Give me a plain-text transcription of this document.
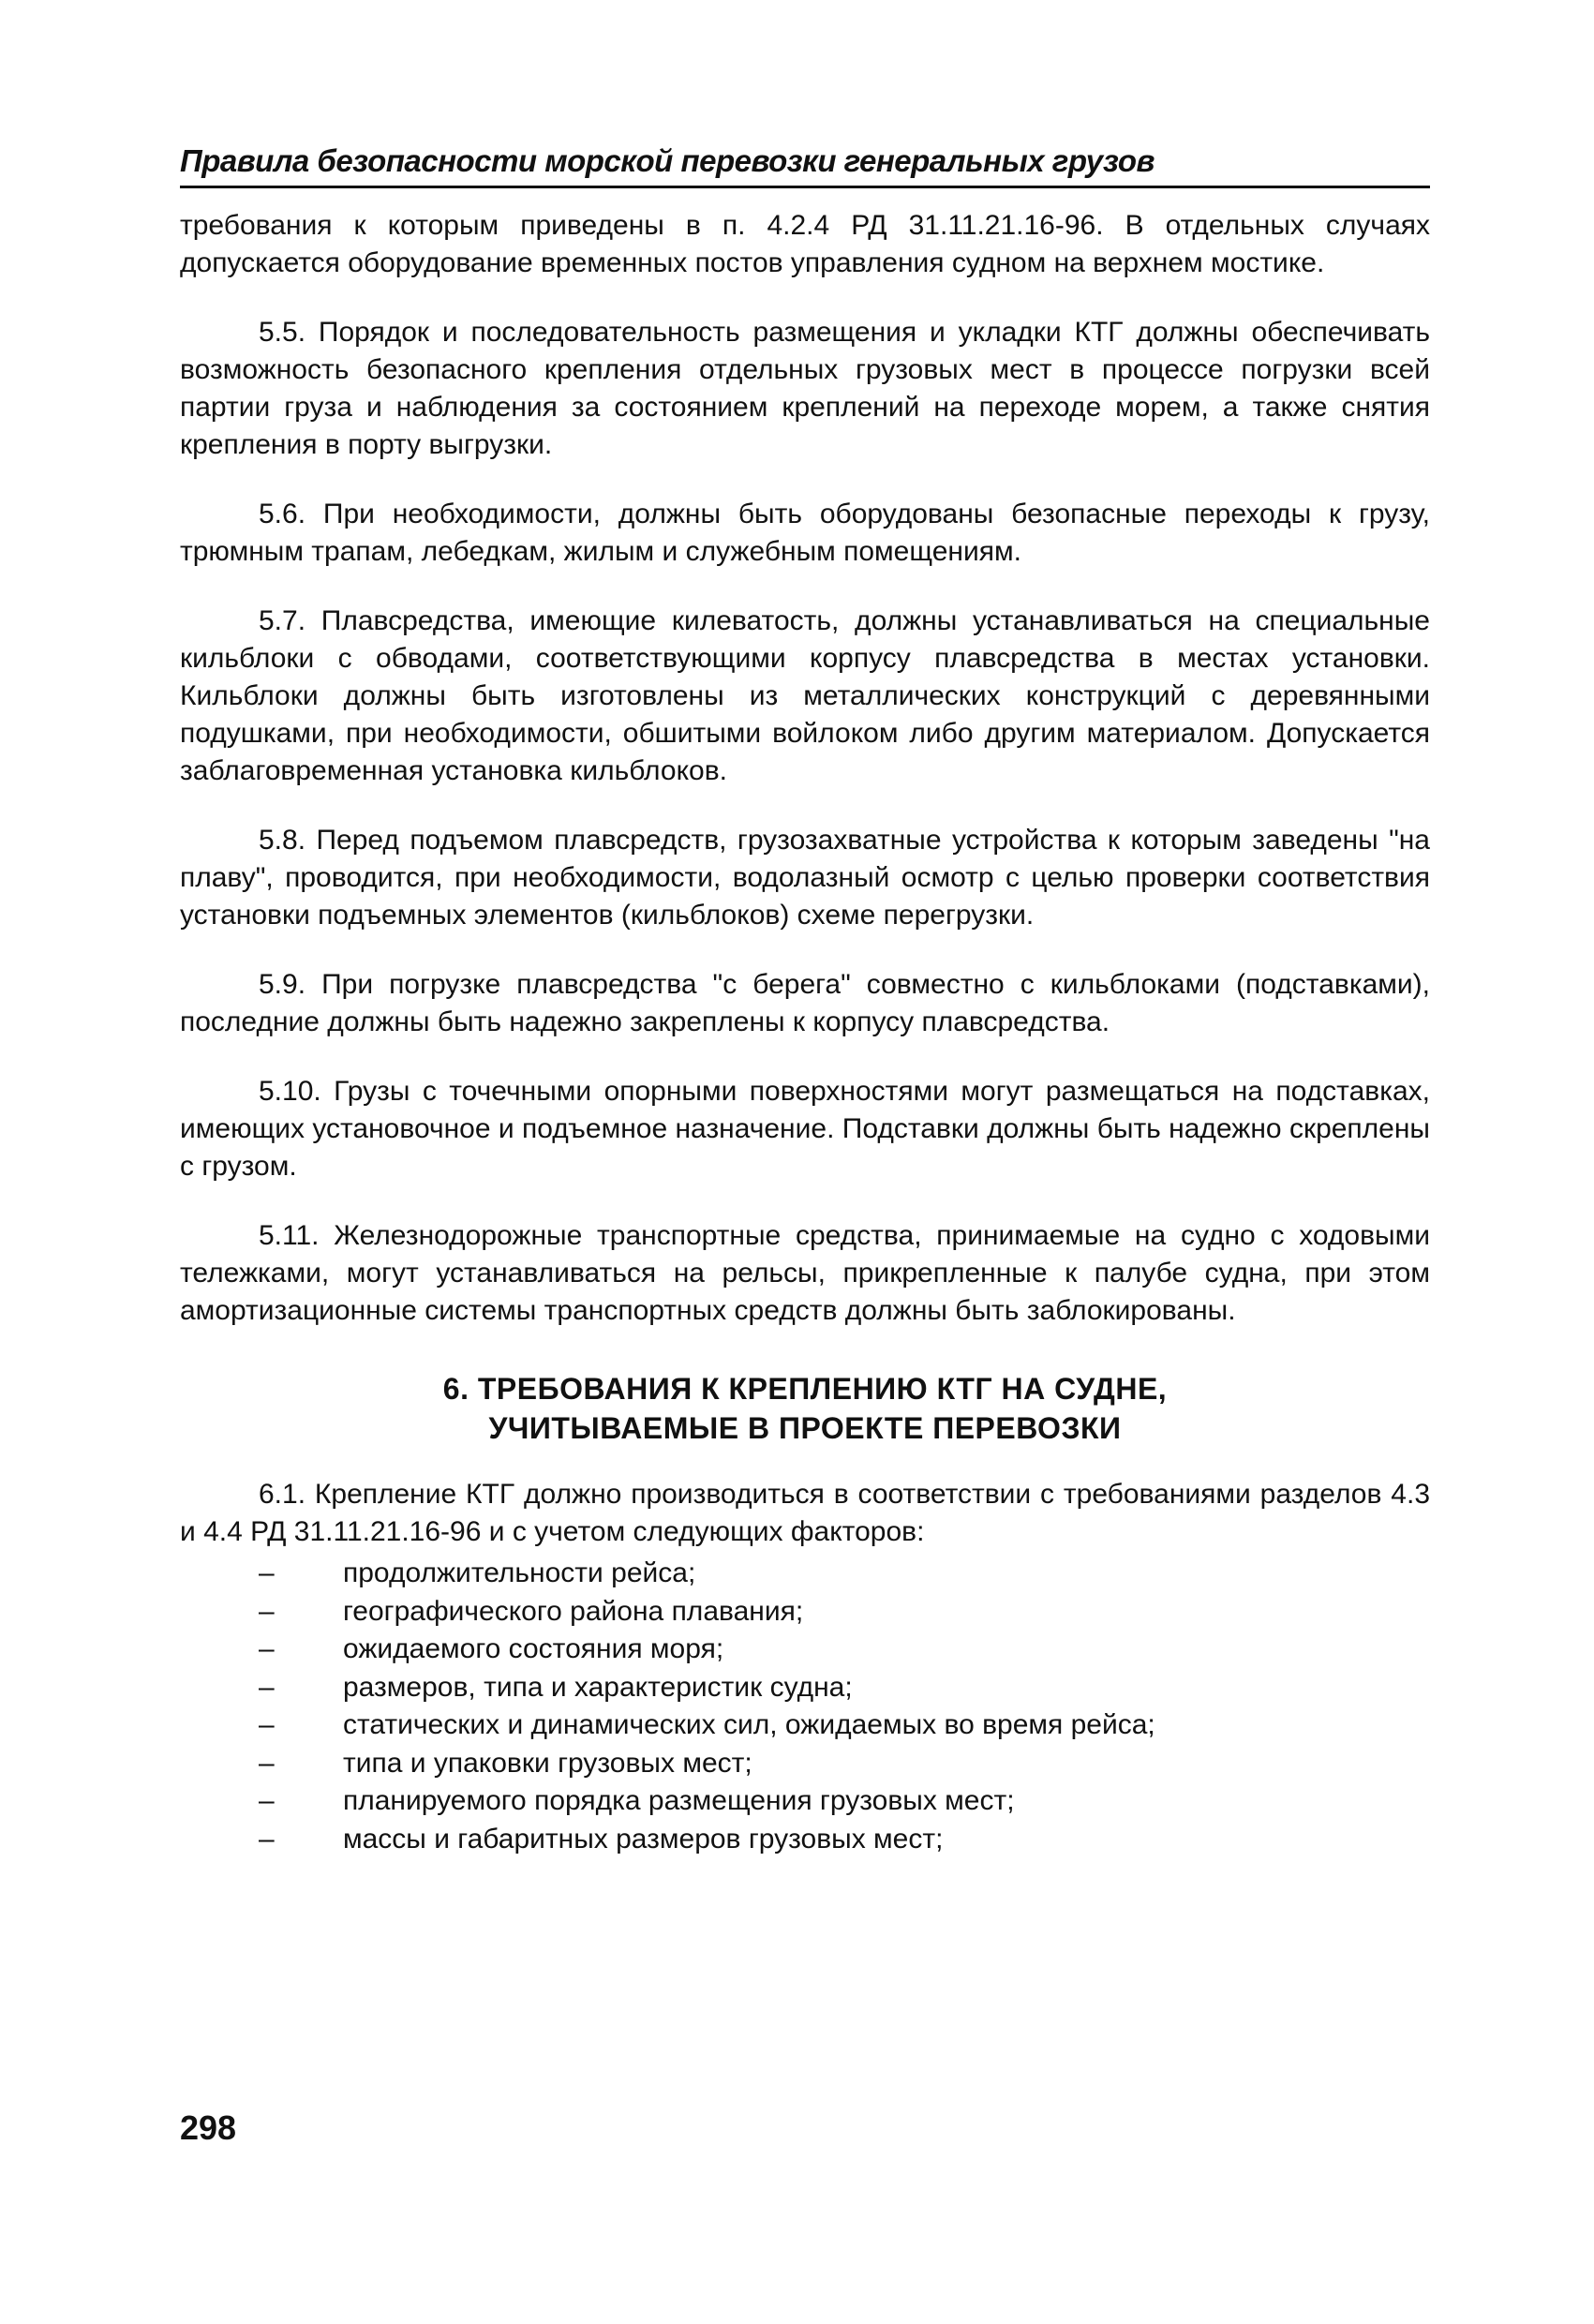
Правила безопасности морской перевозки генеральных грузов

требования к которым приведены в п. 4.2.4 РД 31.11.21.16-96. В отдельных случаях допускается оборудование временных постов управления судном на верхнем мостике.

5.5. Порядок и последовательность размещения и укладки КТГ должны обеспечивать возможность безопасного крепления отдельных грузовых мест в процессе погрузки всей партии груза и наблюдения за состоянием креплений на переходе морем, а также снятия крепления в порту выгрузки.

5.6. При необходимости, должны быть оборудованы безопасные переходы к грузу, трюмным трапам, лебедкам, жилым и служебным помещениям.

5.7. Плавсредства, имеющие килеватость, должны устанавливаться на специальные кильблоки с обводами, соответствующими корпусу плавсредства в местах установки. Кильблоки должны быть изготовлены из металлических конструкций с деревянными подушками, при необходимости, обшитыми войлоком либо другим материалом. Допускается заблаговременная установка кильблоков.

5.8. Перед подъемом плавсредств, грузозахватные устройства к которым заведены "на плаву", проводится, при необходимости, водолазный осмотр с целью проверки соответствия установки подъемных элементов (кильблоков) схеме перегрузки.

5.9. При погрузке плавсредства "с берега" совместно с кильблоками (подставками), последние должны быть надежно закреплены к корпусу плавсредства.

5.10. Грузы с точечными опорными поверхностями могут размещаться на подставках, имеющих установочное и подъемное назначение. Подставки должны быть надежно скреплены с грузом.

5.11. Железнодорожные транспортные средства, принимаемые на судно с ходовыми тележками, могут устанавливаться на рельсы, прикрепленные к палубе судна, при этом амортизационные системы транспортных средств должны быть заблокированы.

6. ТРЕБОВАНИЯ К КРЕПЛЕНИЮ КТГ НА СУДНЕ,
УЧИТЫВАЕМЫЕ В ПРОЕКТЕ ПЕРЕВОЗКИ

6.1. Крепление КТГ должно производиться в соответствии с требованиями разделов 4.3 и 4.4 РД 31.11.21.16-96 и с учетом следующих факторов:

–	продолжительности рейса;
–	географического района плавания;
–	ожидаемого состояния моря;
–	размеров, типа и характеристик судна;
–	статических и динамических сил, ожидаемых во время рейса;
–	типа и упаковки грузовых мест;
–	планируемого порядка размещения грузовых мест;
–	массы и габаритных размеров грузовых мест;
298
